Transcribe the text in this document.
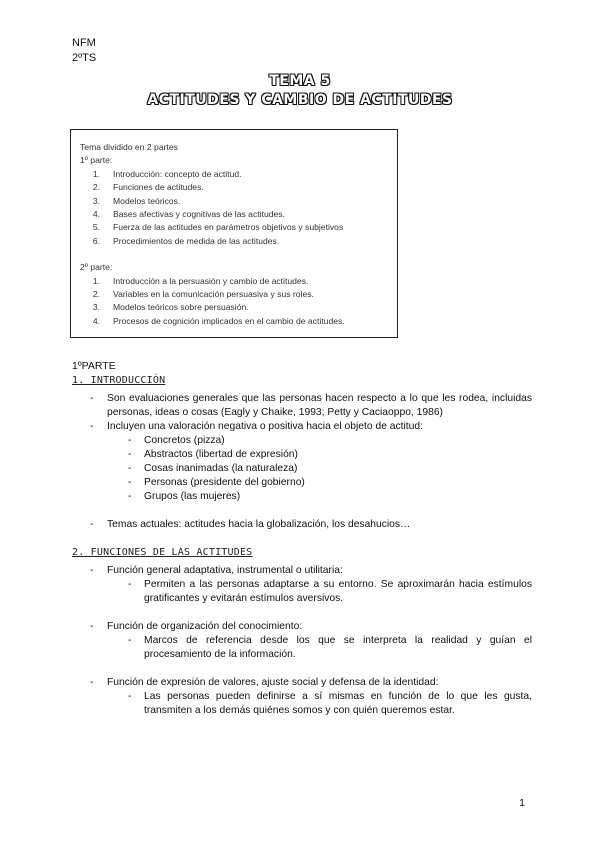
NFM
2ºTS
TEMA 5
ACTITUDES Y CAMBIO DE ACTITUDES
Tema dividido en 2 partes
1º parte:
1.	Introducción: concepto de actitud.
2.	Funciones de actitudes.
3.	Modelos teóricos.
4.	Bases afectivas y cognitivas de las actitudes.
5.	Fuerza de las actitudes en parámetros objetivos y subjetivos
6.	Procedimientos de medida de las actitudes.
2º parte:
1.	Introducción a la persuasión y cambio de actitudes.
2.	Variables en la comunicación persuasiva y sus roles.
3.	Modelos teóricos sobre persuasión.
4.	Procesos de cognición implicados en el cambio de actitudes.
1ºPARTE
1. INTRODUCCIÓN
-	Son evaluaciones generales que las personas hacen respecto a lo que les rodea, incluidas personas, ideas o cosas (Eagly y Chaike, 1993; Petty y Caciaoppo, 1986)
-	Incluyen una valoración negativa o positiva hacia el objeto de actitud:
-	Concretos (pizza)
-	Abstractos (libertad de expresión)
-	Cosas inanimadas (la naturaleza)
-	Personas (presidente del gobierno)
-	Grupos (las mujeres)
-	Temas actuales: actitudes hacia la globalización, los desahucios…
2. FUNCIONES DE LAS ACTITUDES
-	Función general adaptativa, instrumental o utilitaria:
-	Permiten a las personas adaptarse a su entorno. Se aproximarán hacia estímulos gratificantes y evitarán estímulos aversivos.
-	Función de organización del conocimiento:
-	Marcos de referencia desde los que se interpreta la realidad y guían el procesamiento de la información.
-	Función de expresión de valores, ajuste social y defensa de la identidad:
-	Las personas pueden definirse a sí mismas en función de lo que les gusta, transmiten a los demás quiénes somos y con quién queremos estar.
1
